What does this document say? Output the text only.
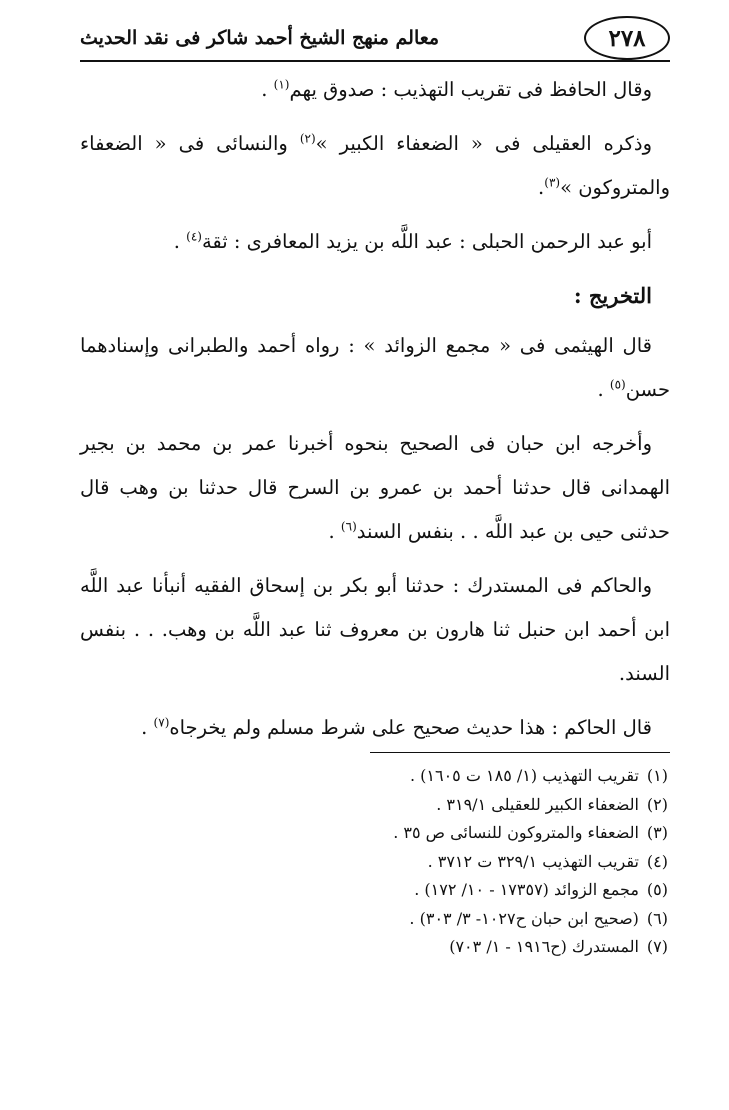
٢٧٨
معالم منهج الشيخ أحمد شاكر فى نقد الحديث

وقال الحافظ فى تقريب التهذيب : صدوق يهم$^{(١)}$ .

وذكره العقيلى فى « الضعفاء الكبير »$^{(٢)}$ والنسائى فى « الضعفاء والمتروكون »$^{(٣)}$.

أبو عبد الرحمن الحبلى : عبد اللَّه بن يزيد المعافرى : ثقة$^{(٤)}$ .

التخريج :

قال الهيثمى فى « مجمع الزوائد » : رواه أحمد والطبرانى وإسنادهما حسن$^{(٥)}$ .

وأخرجه ابن حبان فى الصحيح بنحوه أخبرنا عمر بن محمد بن بجير الهمدانى قال حدثنا أحمد بن عمرو بن السرح قال حدثنا بن وهب قال حدثنى حيى بن عبد اللَّه . . بنفس السند$^{(٦)}$ .

والحاكم فى المستدرك : حدثنا أبو بكر بن إسحاق الفقيه أنبأنا عبد اللَّه ابن أحمد ابن حنبل ثنا هارون بن معروف ثنا عبد اللَّه بن وهب. . . بنفس السند.

قال الحاكم : هذا حديث صحيح على شرط مسلم ولم يخرجاه$^{(٧)}$ .

(١)تقريب التهذيب (١/ ١٨٥ ت ١٦٠٥) .

(٢)الضعفاء الكبير للعقيلى ٣١٩/١ .

(٣)الضعفاء والمتروكون للنسائى ص ٣٥ .

(٤)تقريب التهذيب ٣٢٩/١ ت ٣٧١٢ .

(٥)مجمع الزوائد (١٧٣٥٧ - ١٠/ ١٧٢) .

(٦)(صحيح ابن حبان ح١٠٢٧- ٣/ ٣٠٣) .

(٧)المستدرك (ح١٩١٦ - ١/ ٧٠٣)
